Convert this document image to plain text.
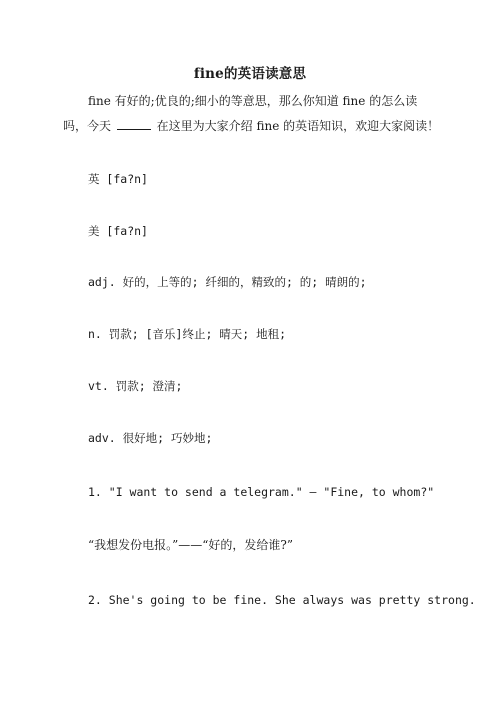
fine的英语读意思
fine 有好的;优良的;细小的等意思，那么你知道 fine 的怎么读
吗，今天	在这里为大家介绍 fine 的英语知识，欢迎大家阅读！
英 [fa?n]
美 [fa?n]
adj. 好的，上等的; 纤细的，精致的; 的; 晴朗的;
n. 罚款; [音乐]终止; 晴天; 地租;
vt. 罚款; 澄清;
adv. 很好地; 巧妙地;
1. "I want to send a telegram." — "Fine, to whom?"
“我想发份电报。”——“好的，发给谁?”
2. She's going to be fine. She always was pretty strong.
